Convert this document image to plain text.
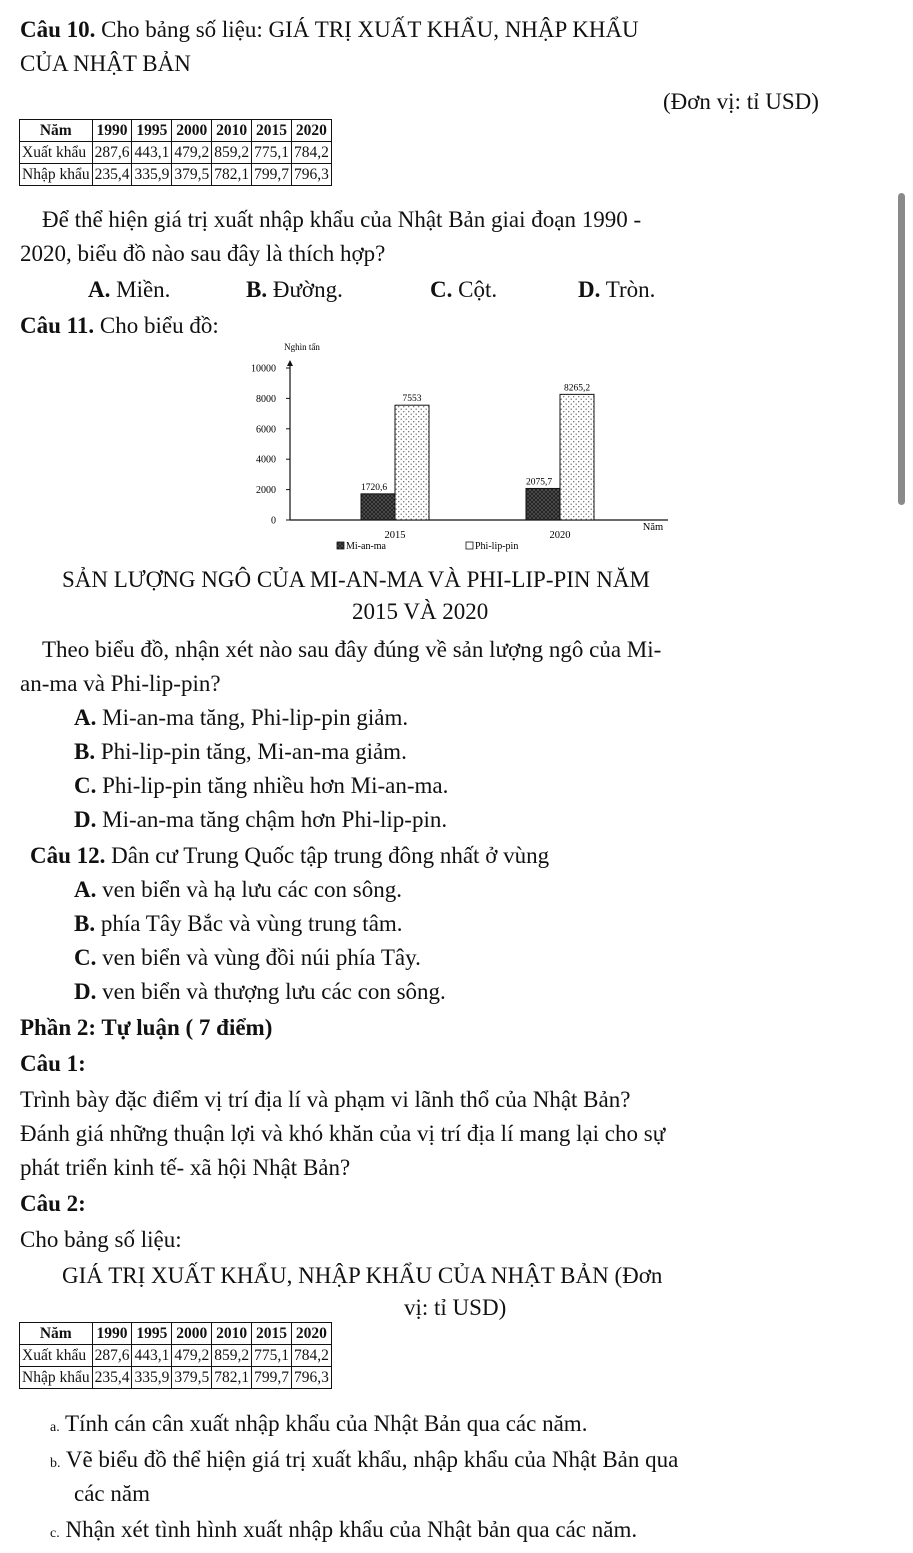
Câu 10. Cho bảng số liệu: GIÁ TRỊ XUẤT KHẨU, NHẬP KHẨU
CỦA NHẬT BẢN
(Đơn vị: tỉ USD)
Năm	1990	1995	2000	2010	2015	2020
Xuất khẩu	287,6	443,1	479,2	859,2	775,1	784,2
Nhập khẩu	235,4	335,9	379,5	782,1	799,7	796,3
Để thể hiện giá trị xuất nhập khẩu của Nhật Bản giai đoạn 1990 -
2020, biểu đồ nào sau đây là thích hợp?
A. Miền.	B. Đường.	C. Cột.	D. Tròn.
Câu 11. Cho biểu đồ:
Nghìn tấn
0
2000
4000
6000
8000
10000
1720,6
7553
2015
2075,7
8265,2
2020
Năm
Mi-an-ma	Phi-lip-pin
SẢN LƯỢNG NGÔ CỦA MI-AN-MA VÀ PHI-LIP-PIN NĂM
2015 VÀ 2020
Theo biểu đồ, nhận xét nào sau đây đúng về sản lượng ngô của Mi-
an-ma và Phi-lip-pin?
A. Mi-an-ma tăng, Phi-lip-pin giảm.
B. Phi-lip-pin tăng, Mi-an-ma giảm.
C. Phi-lip-pin tăng nhiều hơn Mi-an-ma.
D. Mi-an-ma tăng chậm hơn Phi-lip-pin.
Câu 12. Dân cư Trung Quốc tập trung đông nhất ở vùng
A. ven biển và hạ lưu các con sông.
B. phía Tây Bắc và vùng trung tâm.
C. ven biển và vùng đồi núi phía Tây.
D. ven biển và thượng lưu các con sông.
Phần 2: Tự luận ( 7 điểm)
Câu 1:
Trình bày đặc điểm vị trí địa lí và phạm vi lãnh thổ của Nhật Bản?
Đánh giá những thuận lợi và khó khăn của vị trí địa lí mang lại cho sự
phát triển kinh tế- xã hội Nhật Bản?
Câu 2:
Cho bảng số liệu:
GIÁ TRỊ XUẤT KHẨU, NHẬP KHẨU CỦA NHẬT BẢN (Đơn
vị: tỉ USD)
Năm	1990	1995	2000	2010	2015	2020
Xuất khẩu	287,6	443,1	479,2	859,2	775,1	784,2
Nhập khẩu	235,4	335,9	379,5	782,1	799,7	796,3
a. Tính cán cân xuất nhập khẩu của Nhật Bản qua các năm.
b. Vẽ biểu đồ thể hiện giá trị xuất khẩu, nhập khẩu của Nhật Bản qua
các năm
c. Nhận xét tình hình xuất nhập khẩu của Nhật bản qua các năm.
